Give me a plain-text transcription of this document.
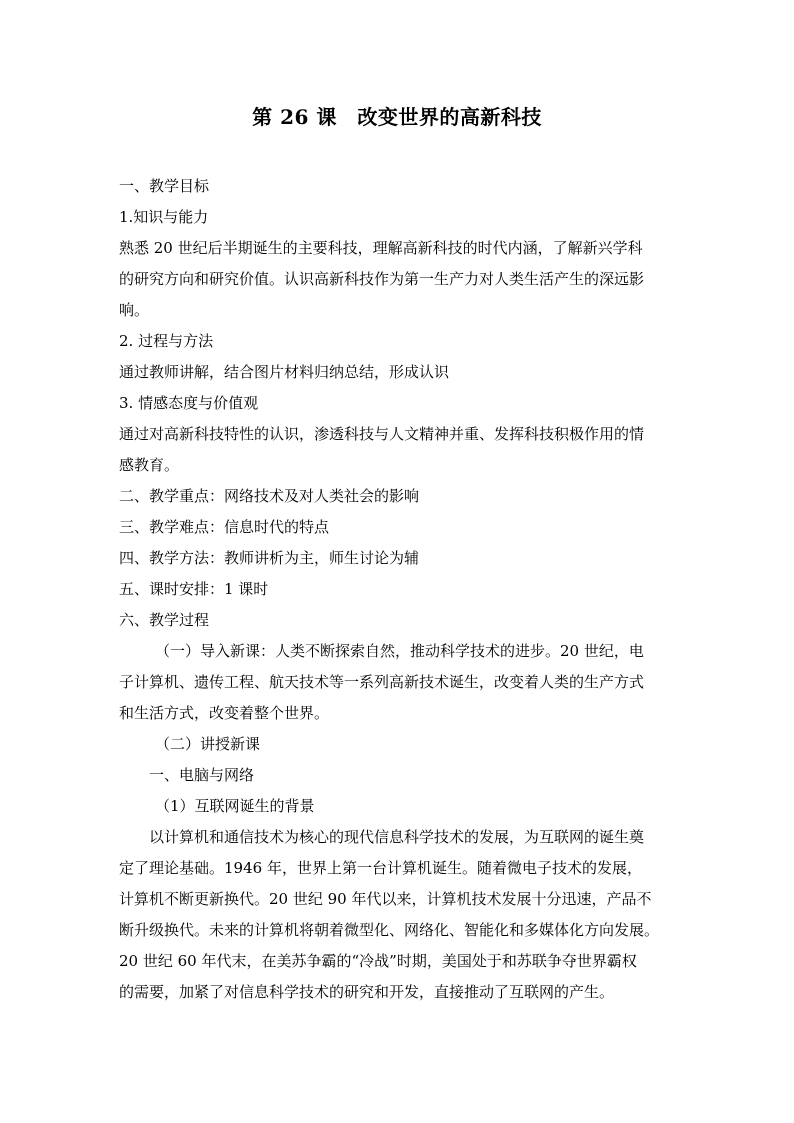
第 26 课　改变世界的高新科技
一、教学目标
1.知识与能力
熟悉 20 世纪后半期诞生的主要科技，理解高新科技的时代内涵，了解新兴学科
的研究方向和研究价值。认识高新科技作为第一生产力对人类生活产生的深远影
响。
2. 过程与方法
通过教师讲解，结合图片材料归纳总结，形成认识
3. 情感态度与价值观
通过对高新科技特性的认识，渗透科技与人文精神并重、发挥科技积极作用的情
感教育。
二、教学重点：网络技术及对人类社会的影响
三、教学难点：信息时代的特点
四、教学方法：教师讲析为主，师生讨论为辅
五、课时安排：1 课时
六、教学过程
（一）导入新课：人类不断探索自然，推动科学技术的进步。20 世纪，电
子计算机、遗传工程、航天技术等一系列高新技术诞生，改变着人类的生产方式
和生活方式，改变着整个世界。
（二）讲授新课
一、电脑与网络
（1）互联网诞生的背景
以计算机和通信技术为核心的现代信息科学技术的发展，为互联网的诞生奠
定了理论基础。1946 年，世界上第一台计算机诞生。随着微电子技术的发展，
计算机不断更新换代。20 世纪 90 年代以来，计算机技术发展十分迅速，产品不
断升级换代。未来的计算机将朝着微型化、网络化、智能化和多媒体化方向发展。
20 世纪 60 年代末，在美苏争霸的“冷战”时期，美国处于和苏联争夺世界霸权
的需要，加紧了对信息科学技术的研究和开发，直接推动了互联网的产生。
